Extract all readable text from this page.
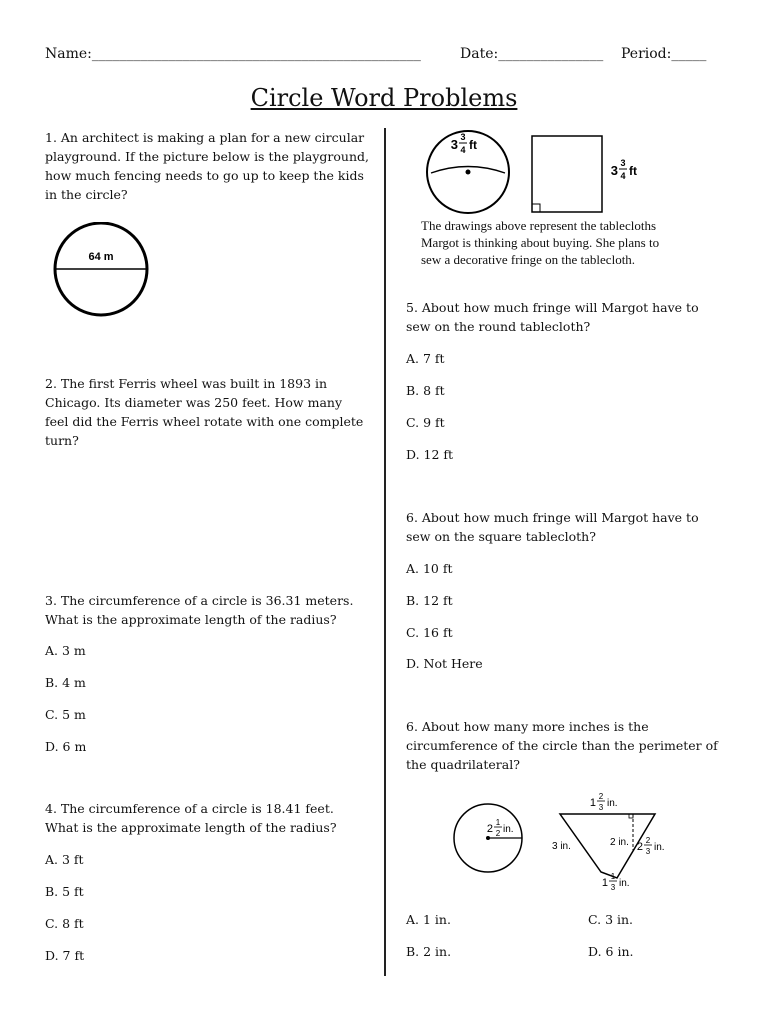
Name:_______________________________________________	Date:_______________ Period:_____
Circle Word Problems
1. An architect is making a plan for a new circular playground. If the picture below is the playground, how much fencing needs to go up to keep the kids in the circle?
64 m
2. The first Ferris wheel was built in 1893 in Chicago. Its diameter was 250 feet. How many feel did the Ferris wheel rotate with one complete turn?
3. The circumference of a circle is 36.31 meters. What is the approximate length of the radius?
A. 3 m
B. 4 m
C. 5 m
D. 6 m
4. The circumference of a circle is 18.41 feet. What is the approximate length of the radius?
A. 3 ft
B. 5 ft
C. 8 ft
D. 7 ft
3 3
4 ft
3 3
4 ft
The drawings above represent the tablecloths Margot is thinking about buying. She plans to sew a decorative fringe on the tablecloth.
5. About how much fringe will Margot have to sew on the round tablecloth?
A. 7 ft
B. 8 ft
C. 9 ft
D. 12 ft
6. About how much fringe will Margot have to sew on the square tablecloth?
A. 10 ft
B. 12 ft
C. 16 ft
D. Not Here
6. About how many more inches is the circumference of the circle than the perimeter of the quadrilateral?
2
1
2 in.
1
2
3 in.
3 in.	2 in. 2
2
3 in.
1
1
3 in.
A. 1 in.	C. 3 in.
B. 2 in.	D. 6 in.
